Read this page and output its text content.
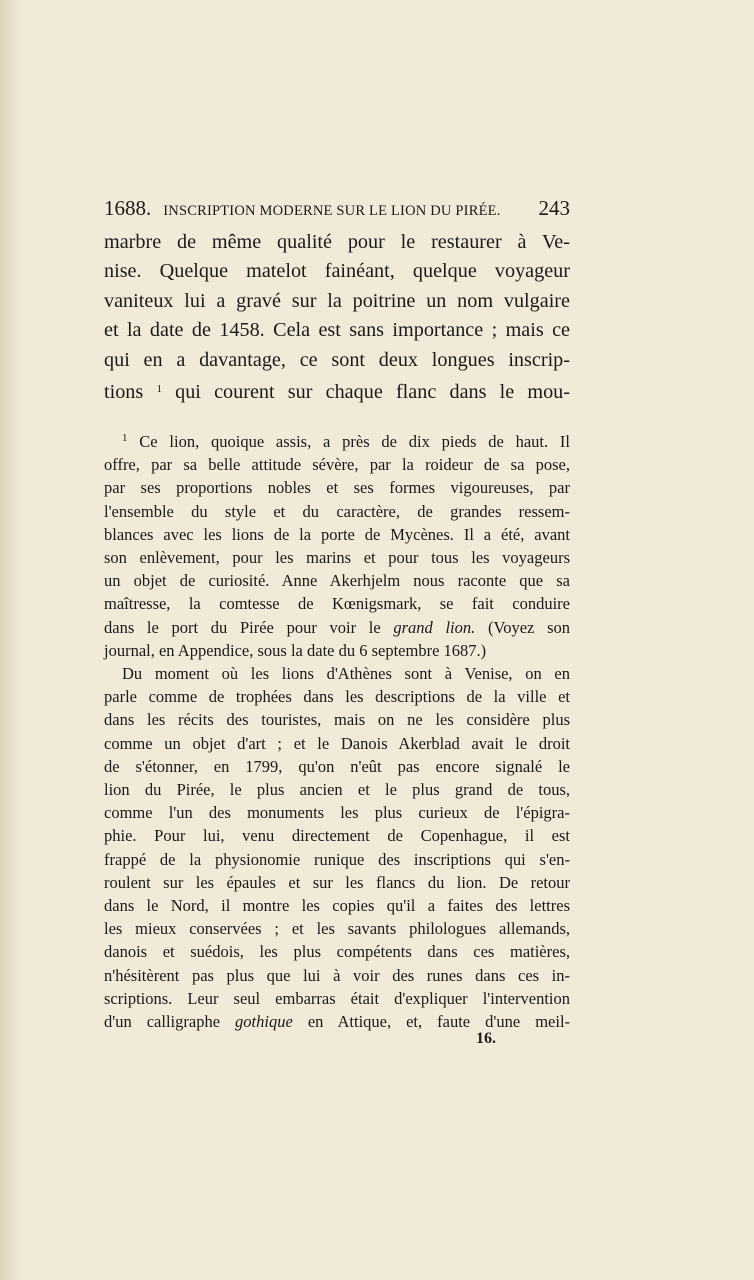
1688. INSCRIPTION MODERNE SUR LE LION DU PIRÉE. 243
marbre de même qualité pour le restaurer à Ve-
nise. Quelque matelot fainéant, quelque voyageur
vaniteux lui a gravé sur la poitrine un nom vulgaire
et la date de 1458. Cela est sans importance ; mais ce
qui en a davantage, ce sont deux longues inscrip-
tions $^1$ qui courent sur chaque flanc dans le mou-
$^1$ Ce lion, quoique assis, a près de dix pieds de haut. Il
offre, par sa belle attitude sévère, par la roideur de sa pose,
par ses proportions nobles et ses formes vigoureuses, par
l'ensemble du style et du caractère, de grandes ressem-
blances avec les lions de la porte de Mycènes. Il a été, avant
son enlèvement, pour les marins et pour tous les voyageurs
un objet de curiosité. Anne Akerhjelm nous raconte que sa
maîtresse, la comtesse de Kœnigsmark, se fait conduire
dans le port du Pirée pour voir le grand lion. (Voyez son
journal, en Appendice, sous la date du 6 septembre 1687.)
Du moment où les lions d'Athènes sont à Venise, on en
parle comme de trophées dans les descriptions de la ville et
dans les récits des touristes, mais on ne les considère plus
comme un objet d'art ; et le Danois Akerblad avait le droit
de s'étonner, en 1799, qu'on n'eût pas encore signalé le
lion du Pirée, le plus ancien et le plus grand de tous,
comme l'un des monuments les plus curieux de l'épigra-
phie. Pour lui, venu directement de Copenhague, il est
frappé de la physionomie runique des inscriptions qui s'en-
roulent sur les épaules et sur les flancs du lion. De retour
dans le Nord, il montre les copies qu'il a faites des lettres
les mieux conservées ; et les savants philologues allemands,
danois et suédois, les plus compétents dans ces matières,
n'hésitèrent pas plus que lui à voir des runes dans ces in-
scriptions. Leur seul embarras était d'expliquer l'intervention
d'un calligraphe gothique en Attique, et, faute d'une meil-
16.
